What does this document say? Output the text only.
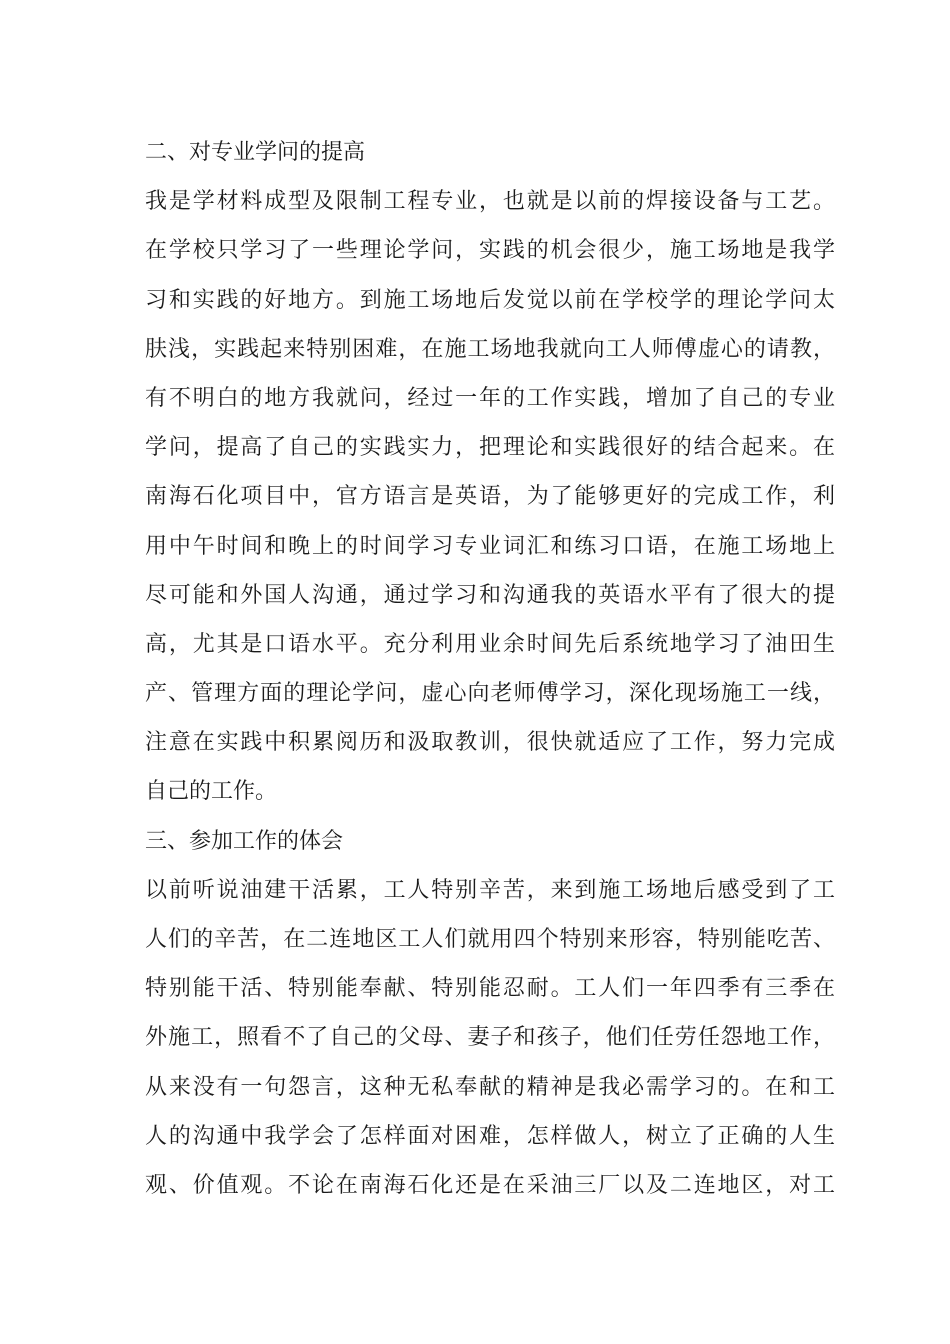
二、对专业学问的提高
我是学材料成型及限制工程专业，也就是以前的焊接设备与工艺。
在学校只学习了一些理论学问，实践的机会很少，施工场地是我学
习和实践的好地方。到施工场地后发觉以前在学校学的理论学问太
肤浅，实践起来特别困难，在施工场地我就向工人师傅虚心的请教，
有不明白的地方我就问，经过一年的工作实践，增加了自己的专业
学问，提高了自己的实践实力，把理论和实践很好的结合起来。在
南海石化项目中，官方语言是英语，为了能够更好的完成工作，利
用中午时间和晚上的时间学习专业词汇和练习口语，在施工场地上
尽可能和外国人沟通，通过学习和沟通我的英语水平有了很大的提
高，尤其是口语水平。充分利用业余时间先后系统地学习了油田生
产、管理方面的理论学问，虚心向老师傅学习，深化现场施工一线，
注意在实践中积累阅历和汲取教训，很快就适应了工作，努力完成
自己的工作。
三、参加工作的体会
以前听说油建干活累，工人特别辛苦，来到施工场地后感受到了工
人们的辛苦，在二连地区工人们就用四个特别来形容，特别能吃苦、
特别能干活、特别能奉献、特别能忍耐。工人们一年四季有三季在
外施工，照看不了自己的父母、妻子和孩子，他们任劳任怨地工作，
从来没有一句怨言，这种无私奉献的精神是我必需学习的。在和工
人的沟通中我学会了怎样面对困难，怎样做人，树立了正确的人生
观、价值观。不论在南海石化还是在采油三厂以及二连地区，对工
